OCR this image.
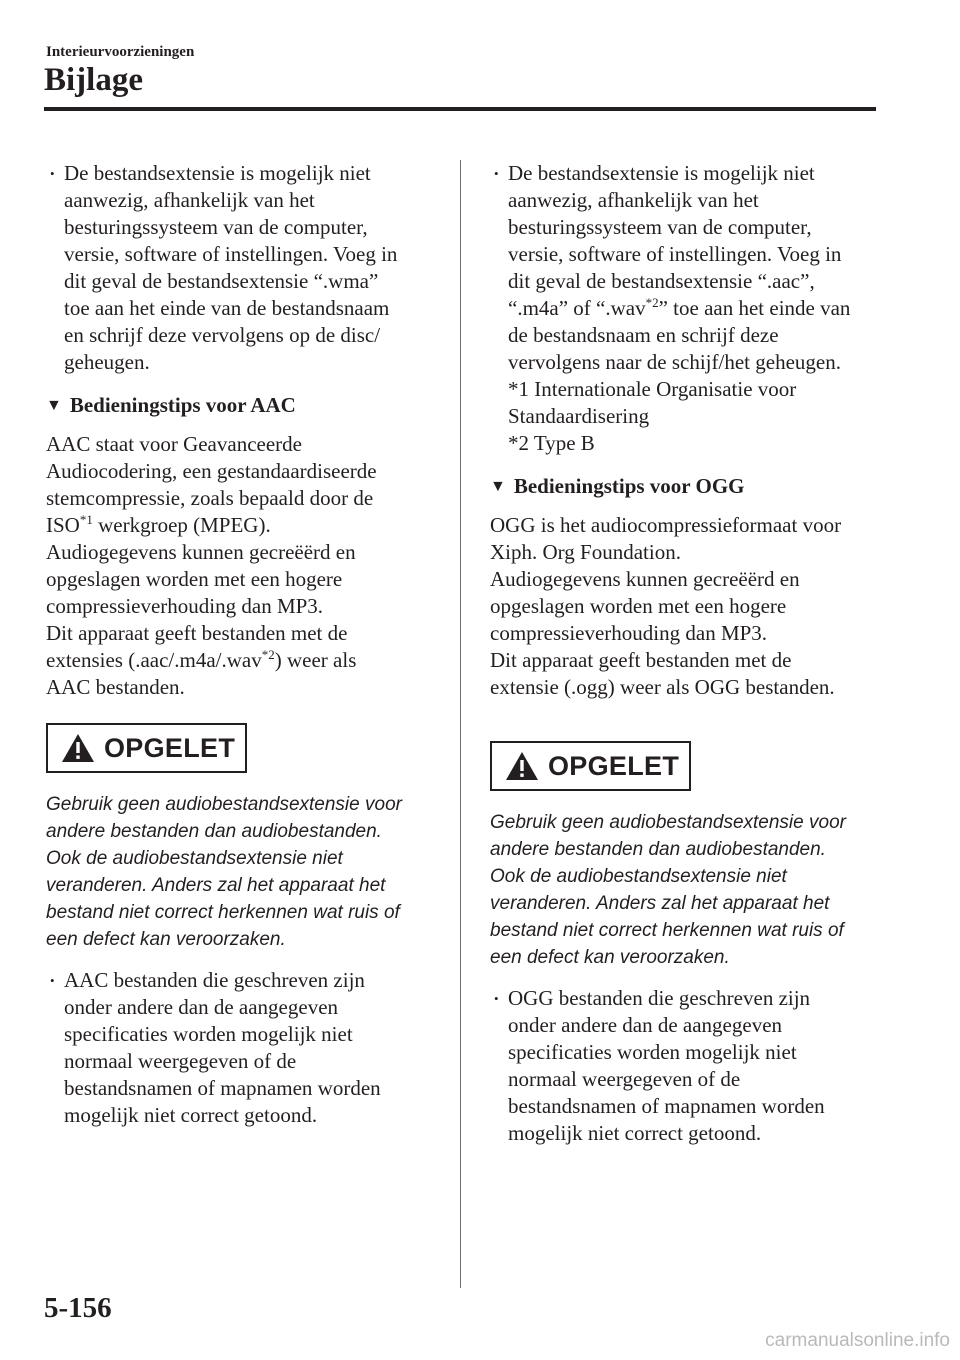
Interieurvoorzieningen
Bijlage
• De bestandsextensie is mogelijk niet
aanwezig, afhankelijk van het
besturingssysteem van de computer,
versie, software of instellingen. Voeg in
dit geval de bestandsextensie “.wma”
toe aan het einde van de bestandsnaam
en schrijf deze vervolgens op de disc/
geheugen.
▼ Bedieningstips voor AAC

AAC staat voor Geavanceerde
Audiocodering, een gestandaardiseerde
stemcompressie, zoals bepaald door de
ISO$^{*1}$ werkgroep (MPEG).
Audiogegevens kunnen gecreëërd en
opgeslagen worden met een hogere
compressieverhouding dan MP3.
Dit apparaat geeft bestanden met de
extensies (.aac/.m4a/.wav$^{*2}$) weer als
AAC bestanden.

OPGELET

Gebruik geen audiobestandsextensie voor
andere bestanden dan audiobestanden.
Ook de audiobestandsextensie niet
veranderen. Anders zal het apparaat het
bestand niet correct herkennen wat ruis of
een defect kan veroorzaken.

• AAC bestanden die geschreven zijn
onder andere dan de aangegeven
specificaties worden mogelijk niet
normaal weergegeven of de
bestandsnamen of mapnamen worden
mogelijk niet correct getoond.
• De bestandsextensie is mogelijk niet
aanwezig, afhankelijk van het
besturingssysteem van de computer,
versie, software of instellingen. Voeg in
dit geval de bestandsextensie “.aac”,
“.m4a” of “.wav$^{*2}$” toe aan het einde van
de bestandsnaam en schrijf deze
vervolgens naar de schijf/het geheugen.
*1 Internationale Organisatie voor
Standaardisering
*2 Type B
▼ Bedieningstips voor OGG

OGG is het audiocompressieformaat voor
Xiph. Org Foundation.
Audiogegevens kunnen gecreëërd en
opgeslagen worden met een hogere
compressieverhouding dan MP3.
Dit apparaat geeft bestanden met de
extensie (.ogg) weer als OGG bestanden.

OPGELET

Gebruik geen audiobestandsextensie voor
andere bestanden dan audiobestanden.
Ook de audiobestandsextensie niet
veranderen. Anders zal het apparaat het
bestand niet correct herkennen wat ruis of
een defect kan veroorzaken.

• OGG bestanden die geschreven zijn
onder andere dan de aangegeven
specificaties worden mogelijk niet
normaal weergegeven of de
bestandsnamen of mapnamen worden
mogelijk niet correct getoond.
5-156
carmanualsonline.info
